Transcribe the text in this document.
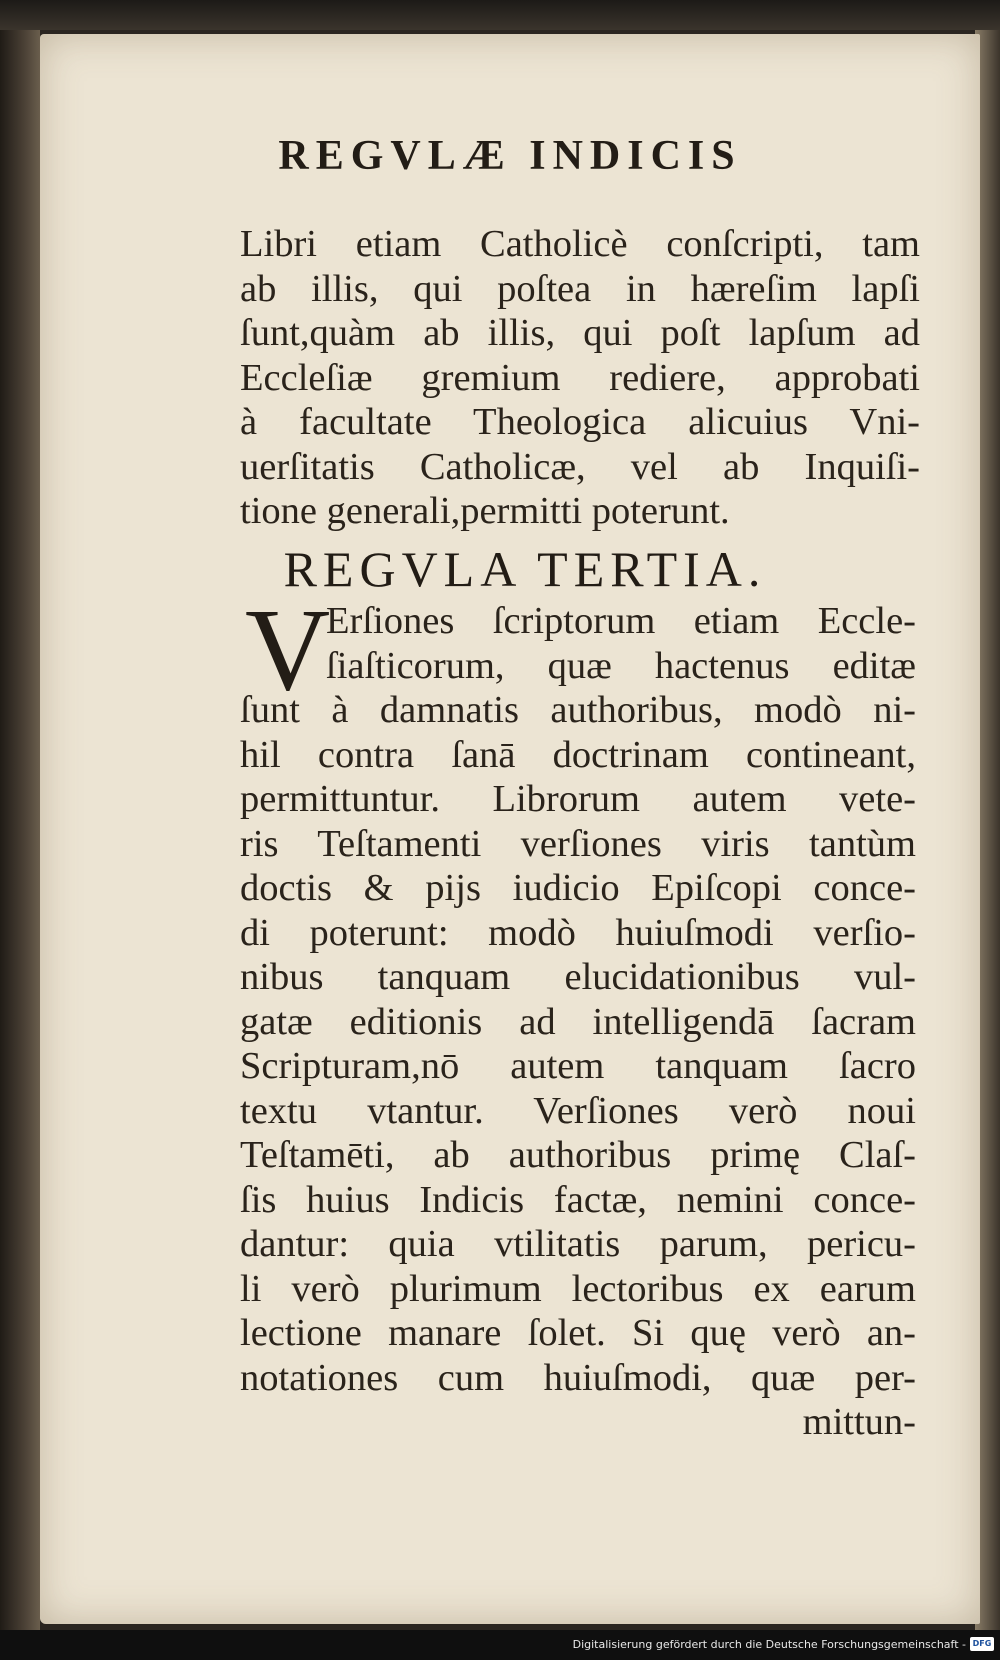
REGVLÆ INDICIS
Libri etiam Catholicè conſcripti, tam
ab illis, qui poſtea in hæreſim lapſi
ſunt,quàm ab illis, qui poſt lapſum ad
Eccleſiæ gremium rediere, approbati
à facultate Theologica alicuius Vni-
uerſitatis Catholicæ, vel ab Inquiſi-
tione generali,permitti poterunt.
REGVLA TERTIA.
V
Erſiones ſcriptorum etiam Eccle-
ſiaſticorum, quæ hactenus editæ
ſunt à damnatis authoribus, modò ni-
hil contra ſanā doctrinam contineant,
permittuntur. Librorum autem vete-
ris Teſtamenti verſiones viris tantùm
doctis & pijs iudicio Epiſcopi conce-
di poterunt: modò huiuſmodi verſio-
nibus tanquam elucidationibus vul-
gatæ editionis ad intelligendā ſacram
Scripturam,nō autem tanquam ſacro
textu vtantur. Verſiones verò noui
Teſtamēti, ab authoribus primę Claſ-
ſis huius Indicis factæ, nemini conce-
dantur: quia vtilitatis parum, pericu-
li verò plurimum lectoribus ex earum
lectione manare ſolet. Si quę verò an-
notationes cum huiuſmodi, quæ per-
mittun-
Digitalisierung gefördert durch die Deutsche Forschungsgemeinschaft - DFG
